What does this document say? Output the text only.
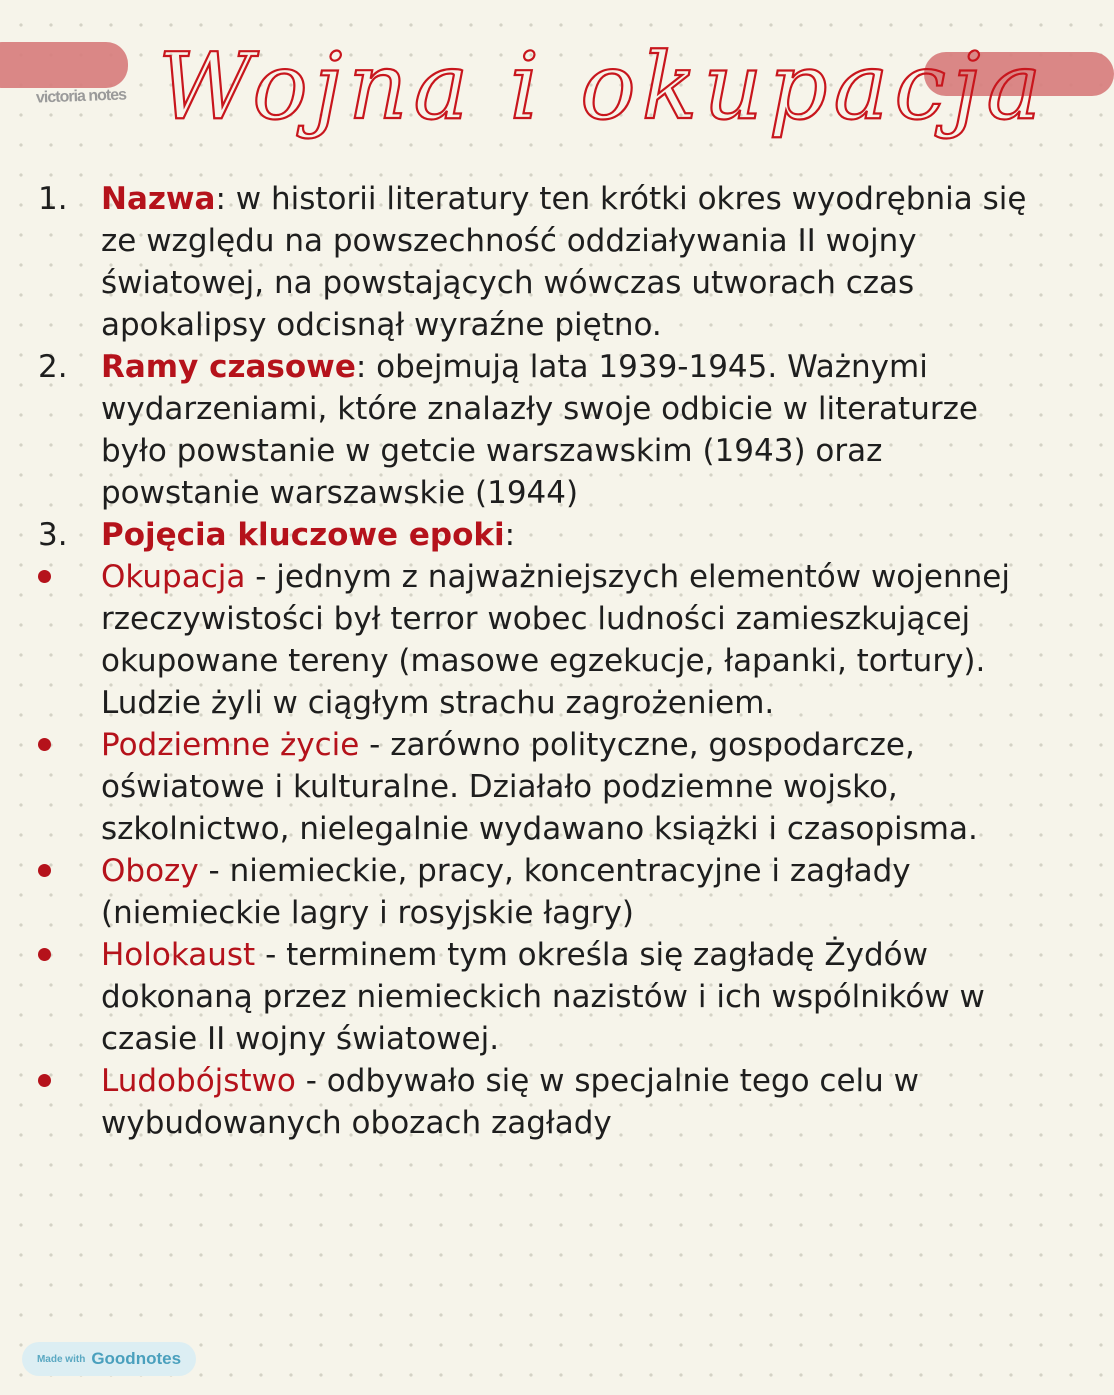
victoria notes Wojna i okupacja
1. Nazwa: w historii literatury ten krótki okres wyodrębnia się ze względu na powszechność oddziaływania II wojny światowej, na powstających wówczas utworach czas apokalipsy odcisnął wyraźne piętno.
2. Ramy czasowe: obejmują lata 1939-1945. Ważnymi wydarzeniami, które znalazły swoje odbicie w literaturze było powstanie w getcie warszawskim (1943) oraz powstanie warszawskie (1944)
3. Pojęcia kluczowe epoki:
Okupacja - jednym z najważniejszych elementów wojennej rzeczywistości był terror wobec ludności zamieszkującej okupowane tereny (masowe egzekucje, łapanki, tortury). Ludzie żyli w ciągłym strachu zagrożeniem.
Podziemne życie - zarówno polityczne, gospodarcze, oświatowe i kulturalne. Działało podziemne wojsko, szkolnictwo, nielegalnie wydawano książki i czasopisma.
Obozy - niemieckie, pracy, koncentracyjne i zagłady (niemieckie lagry i rosyjskie łagry)
Holokaust - terminem tym określa się zagładę Żydów dokonaną przez niemieckich nazistów i ich wspólników w czasie II wojny światowej.
Ludobójstwo - odbywało się w specjalnie tego celu w wybudowanych obozach zagłady
Made with Goodnotes
